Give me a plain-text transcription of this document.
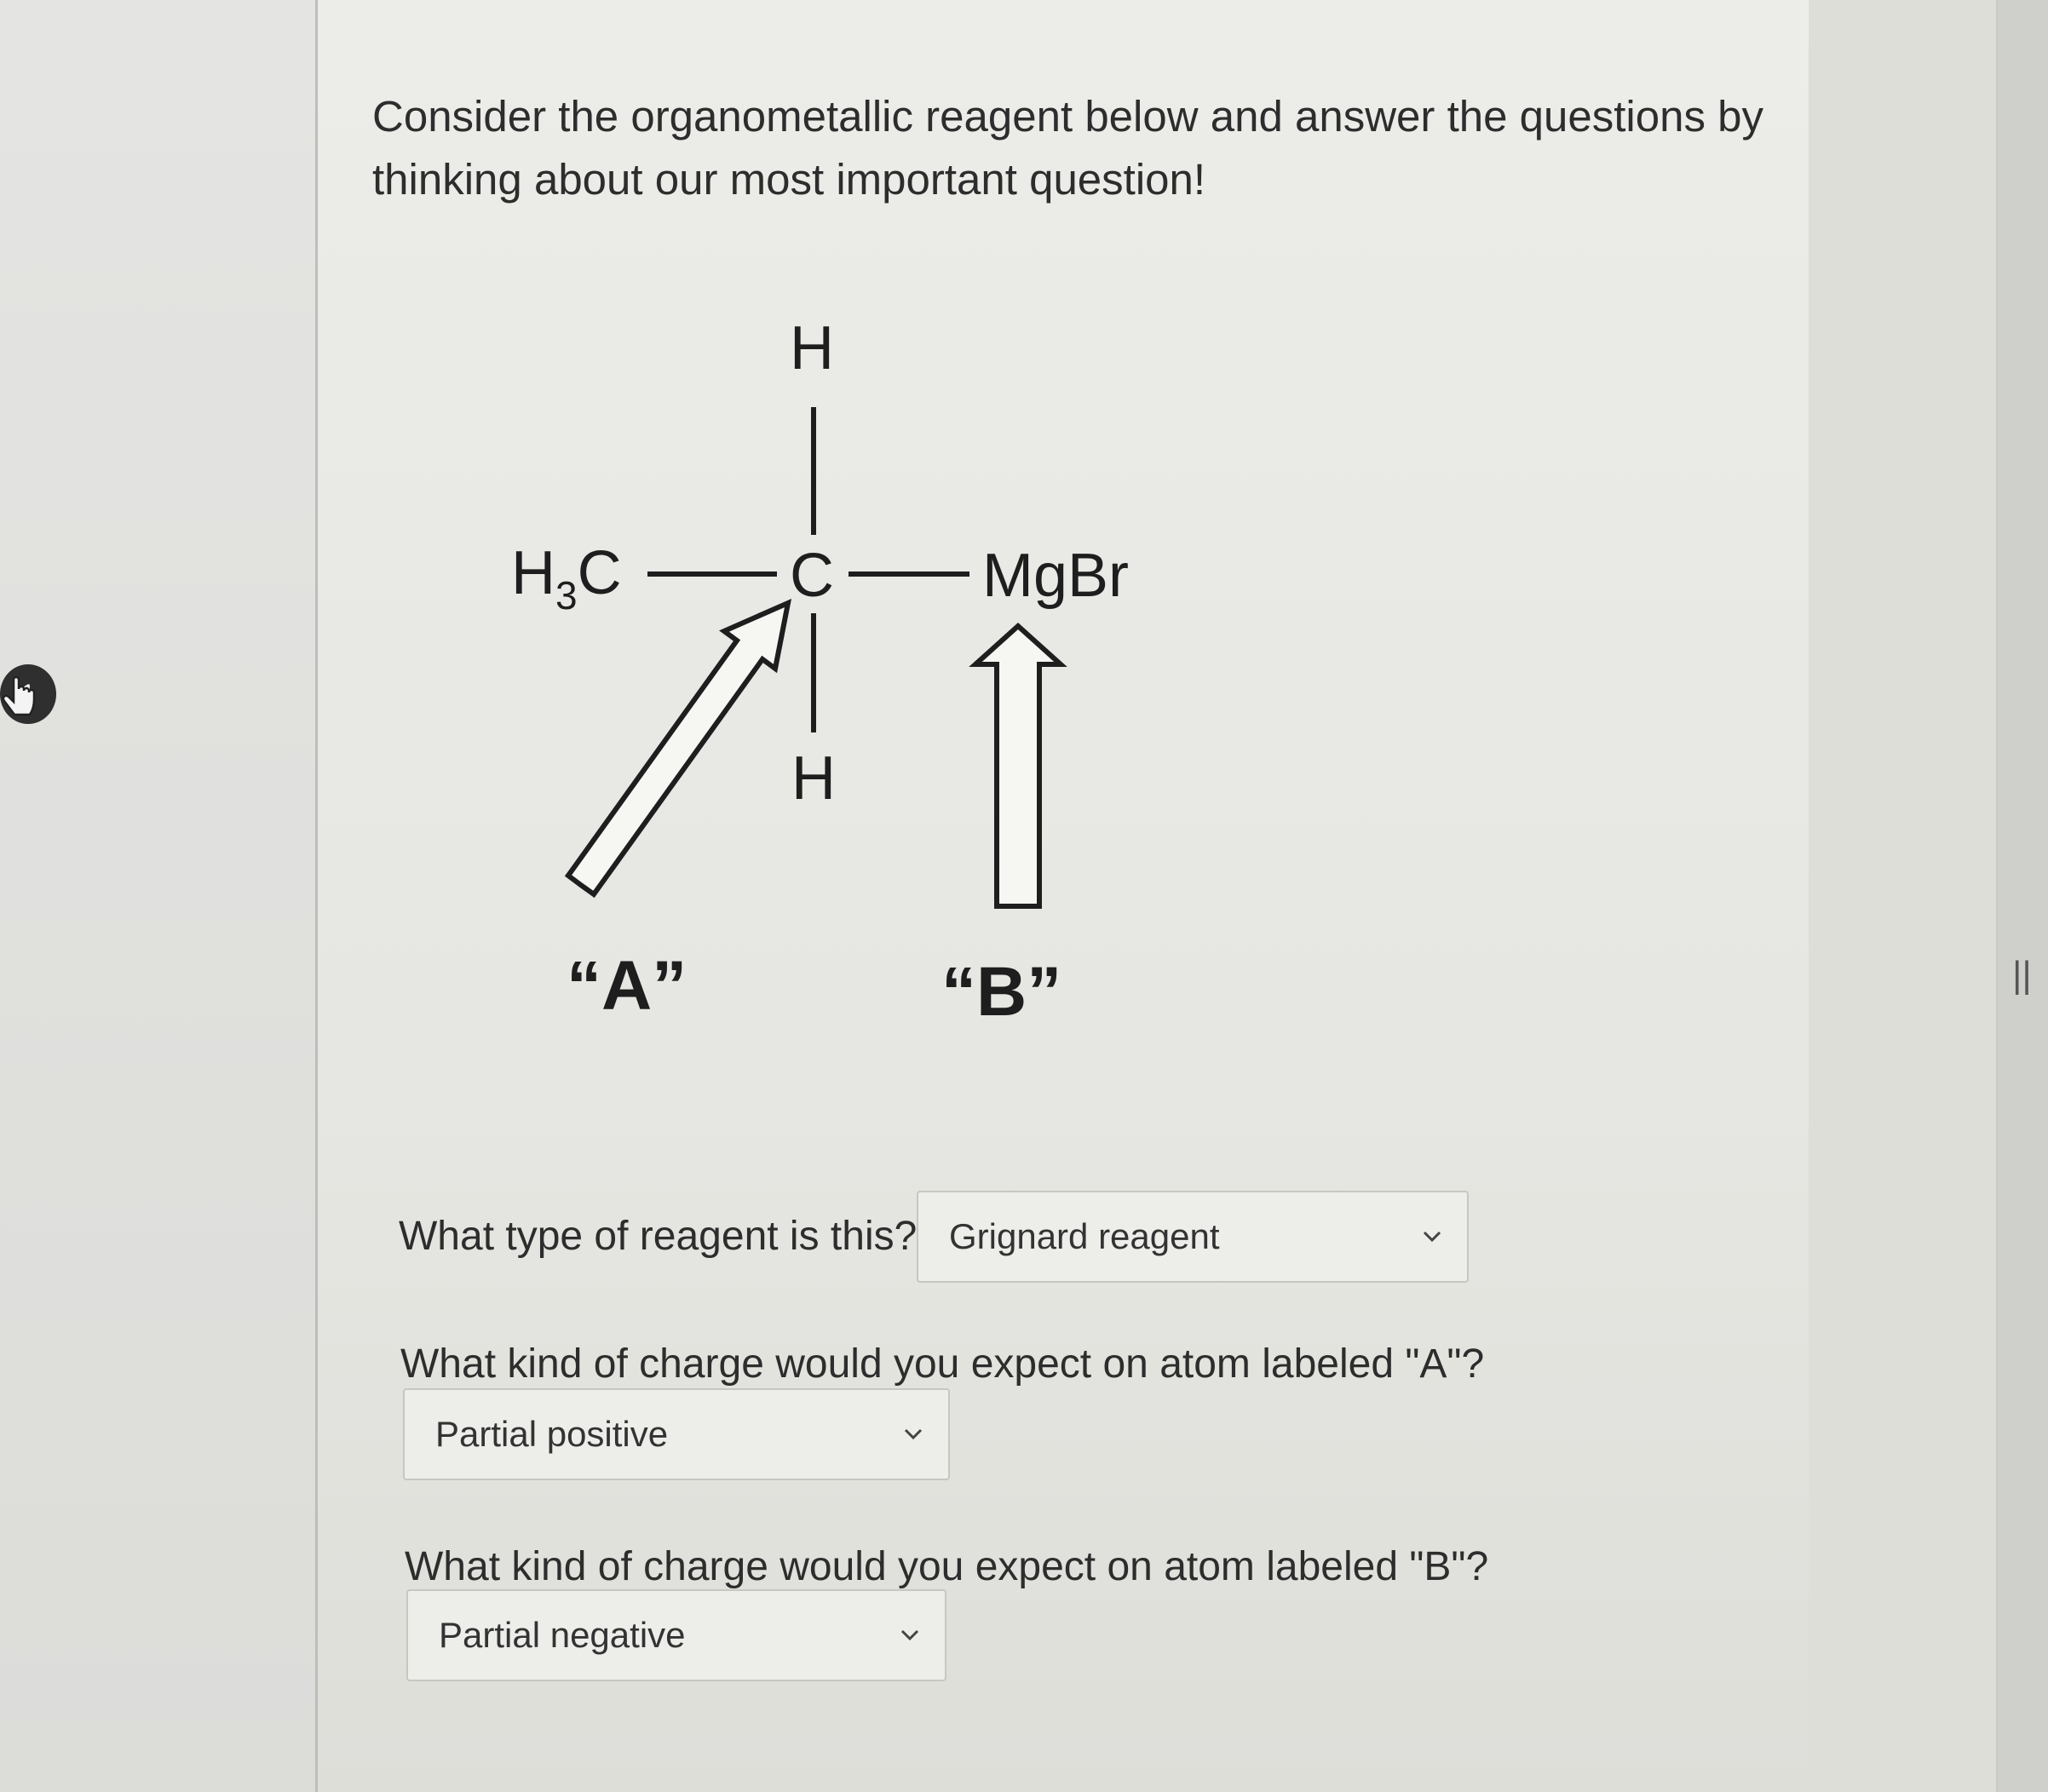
Consider the organometallic reagent below and answer the questions by thinking about our most important question!
H
$H_3C$	C MgBr
H
“A”	“B”
What type of reagent is this? Grignard reagent
What kind of charge would you expect on atom labeled "A"?
Partial positive
What kind of charge would you expect on atom labeled "B"?
Partial negative
||
